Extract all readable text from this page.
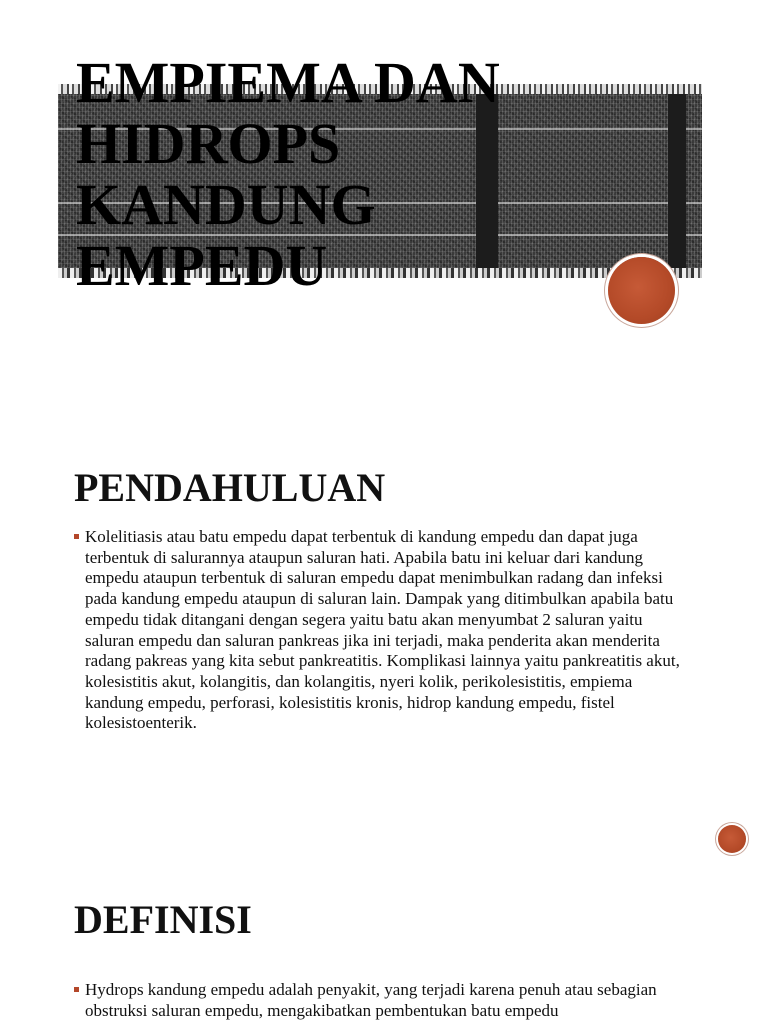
EMPIEMA DAN HIDROPS KANDUNG EMPEDU
PENDAHULUAN
Kolelitiasis atau batu empedu dapat terbentuk di kandung empedu dan dapat juga terbentuk di salurannya ataupun saluran hati. Apabila batu ini keluar dari kandung empedu ataupun terbentuk di saluran empedu dapat menimbulkan radang dan infeksi pada kandung empedu ataupun di saluran lain. Dampak yang ditimbulkan apabila batu empedu tidak ditangani dengan segera yaitu batu akan menyumbat 2 saluran yaitu saluran empedu dan saluran pankreas jika ini terjadi, maka penderita akan menderita radang pakreas yang kita sebut pankreatitis. Komplikasi lainnya yaitu pankreatitis akut, kolesistitis akut, kolangitis, dan kolangitis, nyeri kolik, perikolesistitis, empiema kandung empedu, perforasi, kolesistitis kronis, hidrop kandung empedu, fistel kolesistoenterik.
DEFINISI
Hydrops kandung empedu adalah penyakit, yang terjadi karena penuh atau sebagian obstruksi saluran empedu, mengakibatkan pembentukan batu empedu
